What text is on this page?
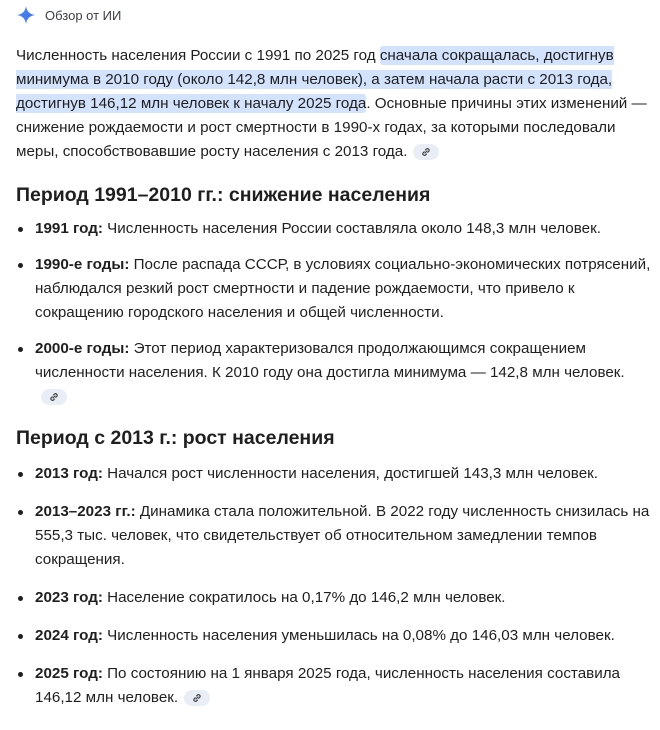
Обзор от ИИ

Численность населения России с 1991 по 2025 год сначала сокращалась, достигнув минимума в 2010 году (около 142,8 млн человек), а затем начала расти с 2013 года, достигнув 146,12 млн человек к началу 2025 года. Основные причины этих изменений — снижение рождаемости и рост смертности в 1990-х годах, за которыми последовали меры, способствовавшие росту населения с 2013 года.

Период 1991–2010 гг.: снижение населения
1991 год: Численность населения России составляла около 148,3 млн человек.
1990-е годы: После распада СССР, в условиях социально-экономических потрясений, наблюдался резкий рост смертности и падение рождаемости, что привело к сокращению городского населения и общей численности.
2000-е годы: Этот период характеризовался продолжающимся сокращением численности населения. К 2010 году она достигла минимума — 142,8 млн человек.
Период с 2013 г.: рост населения
2013 год: Начался рост численности населения, достигшей 143,3 млн человек.
2013–2023 гг.: Динамика стала положительной. В 2022 году численность снизилась на 555,3 тыс. человек, что свидетельствует об относительном замедлении темпов сокращения.
2023 год: Население сократилось на 0,17% до 146,2 млн человек.
2024 год: Численность населения уменьшилась на 0,08% до 146,03 млн человек.
2025 год: По состоянию на 1 января 2025 года, численность населения составила 146,12 млн человек.
